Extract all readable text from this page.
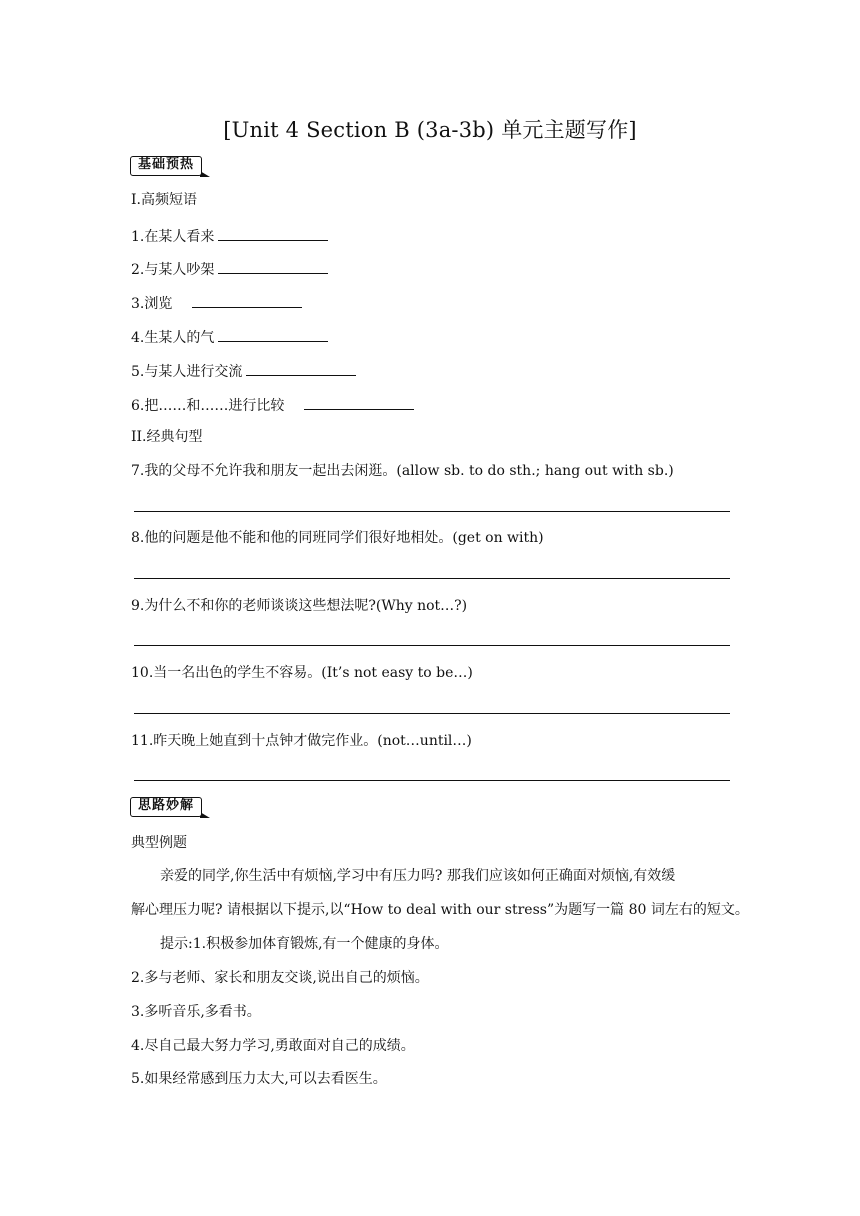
[Unit 4 Section B (3a-3b) 单元主题写作]
基础预热
I.高频短语
1.在某人看来
2.与某人吵架
3.浏览
4.生某人的气
5.与某人进行交流
6.把……和……进行比较
II.经典句型
7.我的父母不允许我和朋友一起出去闲逛。(allow sb. to do sth.; hang out with sb.)
8.他的问题是他不能和他的同班同学们很好地相处。(get on with)
9.为什么不和你的老师谈谈这些想法呢?(Why not…?)
10.当一名出色的学生不容易。(It’s not easy to be…)
11.昨天晚上她直到十点钟才做完作业。(not…until…)
思路妙解
典型例题
亲爱的同学,你生活中有烦恼,学习中有压力吗? 那我们应该如何正确面对烦恼,有效缓
解心理压力呢? 请根据以下提示,以“How to deal with our stress”为题写一篇 80 词左右的短文。
提示:1.积极参加体育锻炼,有一个健康的身体。
2.多与老师、家长和朋友交谈,说出自己的烦恼。
3.多听音乐,多看书。
4.尽自己最大努力学习,勇敢面对自己的成绩。
5.如果经常感到压力太大,可以去看医生。
